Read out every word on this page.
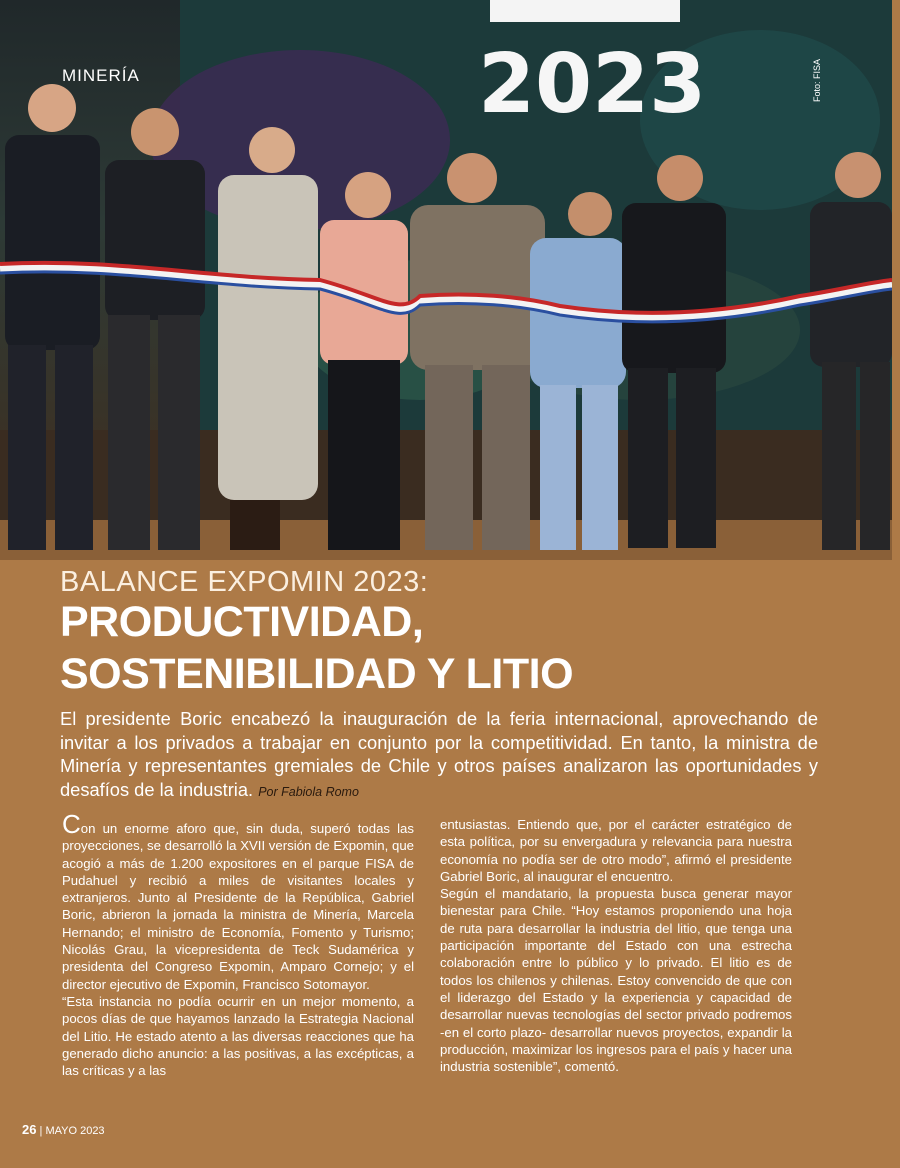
2023
MINERÍA	Foto: FISA
BALANCE EXPOMIN 2023:
PRODUCTIVIDAD,
SOSTENIBILIDAD Y LITIO
El presidente Boric encabezó la inauguración de la feria internacional, aprovechando de invitar a los privados a trabajar en conjunto por la competitividad. En tanto, la ministra de Minería y representantes gremiales de Chile y otros países analizaron las oportunidades y desafíos de la industria. Por Fabiola Romo

Con un enorme aforo que, sin duda, superó todas las proyecciones, se desarrolló la XVII versión de Expomin, que acogió a más de 1.200 expositores en el parque FISA de Pudahuel y recibió a miles de visitantes locales y extranjeros. Junto al Presidente de la República, Gabriel Boric, abrieron la jornada la ministra de Minería, Marcela Hernando; el ministro de Economía, Fomento y Turismo; Nicolás Grau, la vicepresidenta de Teck Sudamérica y presidenta del Congreso Expomin, Amparo Cornejo; y el director ejecutivo de Expomin, Francisco Sotomayor.

“Esta instancia no podía ocurrir en un mejor momento, a pocos días de que hayamos lanzado la Estrategia Nacional del Litio. He estado atento a las diversas reacciones que ha generado dicho anuncio: a las positivas, a las excépticas, a las críticas y a las

entusiastas. Entiendo que, por el carácter estratégico de esta política, por su envergadura y relevancia para nuestra economía no podía ser de otro modo”, afirmó el presidente Gabriel Boric, al inaugurar el encuentro.

Según el mandatario, la propuesta busca generar mayor bienestar para Chile. “Hoy estamos proponiendo una hoja de ruta para desarrollar la industria del litio, que tenga una participación importante del Estado con una estrecha colaboración entre lo público y lo privado. El litio es de todos los chilenos y chilenas. Estoy convencido de que con el liderazgo del Estado y la experiencia y capacidad de desarrollar nuevas tecnologías del sector privado podremos -en el corto plazo- desarrollar nuevos proyectos, expandir la producción, maximizar los ingresos para el país y hacer una industria sostenible”, comentó.

26 | MAYO 2023
